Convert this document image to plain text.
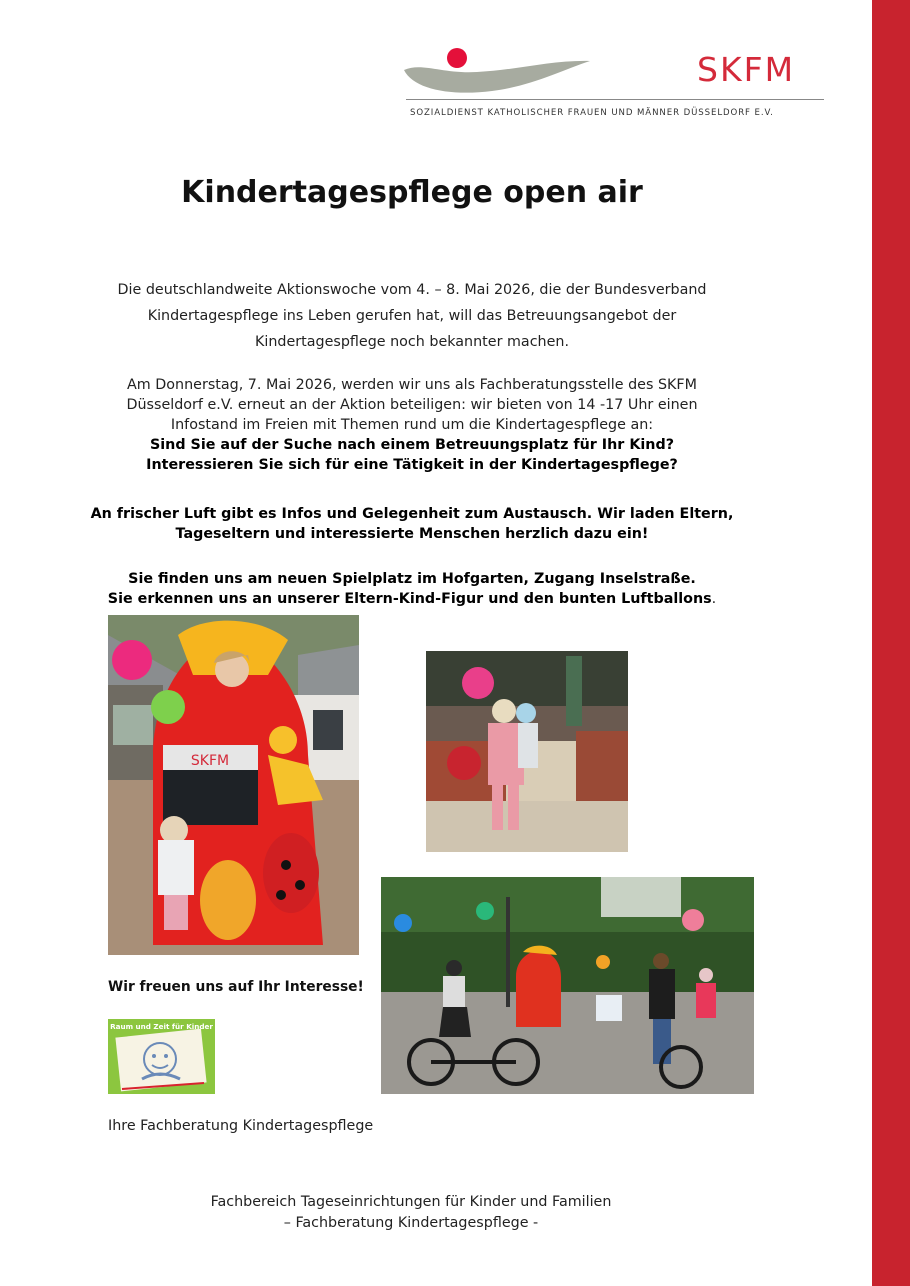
SKFM
SOZIALDIENST KATHOLISCHER FRAUEN UND MÄNNER DÜSSELDORF E.V.
Kindertagespflege open air
Die deutschlandweite Aktionswoche vom 4. – 8. Mai 2026, die der Bundesverband
Kindertagespflege ins Leben gerufen hat, will das Betreuungsangebot der
Kindertagespflege noch bekannter machen.
Am Donnerstag, 7. Mai 2026, werden wir uns als Fachberatungsstelle des SKFM
Düsseldorf e.V. erneut an der Aktion beteiligen: wir bieten von 14 -17 Uhr einen
Infostand im Freien mit Themen rund um die Kindertagespflege an:
Sind Sie auf der Suche nach einem Betreuungsplatz für Ihr Kind?
Interessieren Sie sich für eine Tätigkeit in der Kindertagespflege?
An frischer Luft gibt es Infos und Gelegenheit zum Austausch. Wir laden Eltern,
Tageseltern und interessierte Menschen herzlich dazu ein!
Sie finden uns am neuen Spielplatz im Hofgarten, Zugang Inselstraße.
Sie erkennen uns an unserer Eltern-Kind-Figur und den bunten Luftballons.
SKFM
Wir freuen uns auf Ihr Interesse!
Raum und Zeit für Kinder
Ihre Fachberatung Kindertagespflege
Fachbereich Tageseinrichtungen für Kinder und Familien
– Fachberatung Kindertagespflege -
